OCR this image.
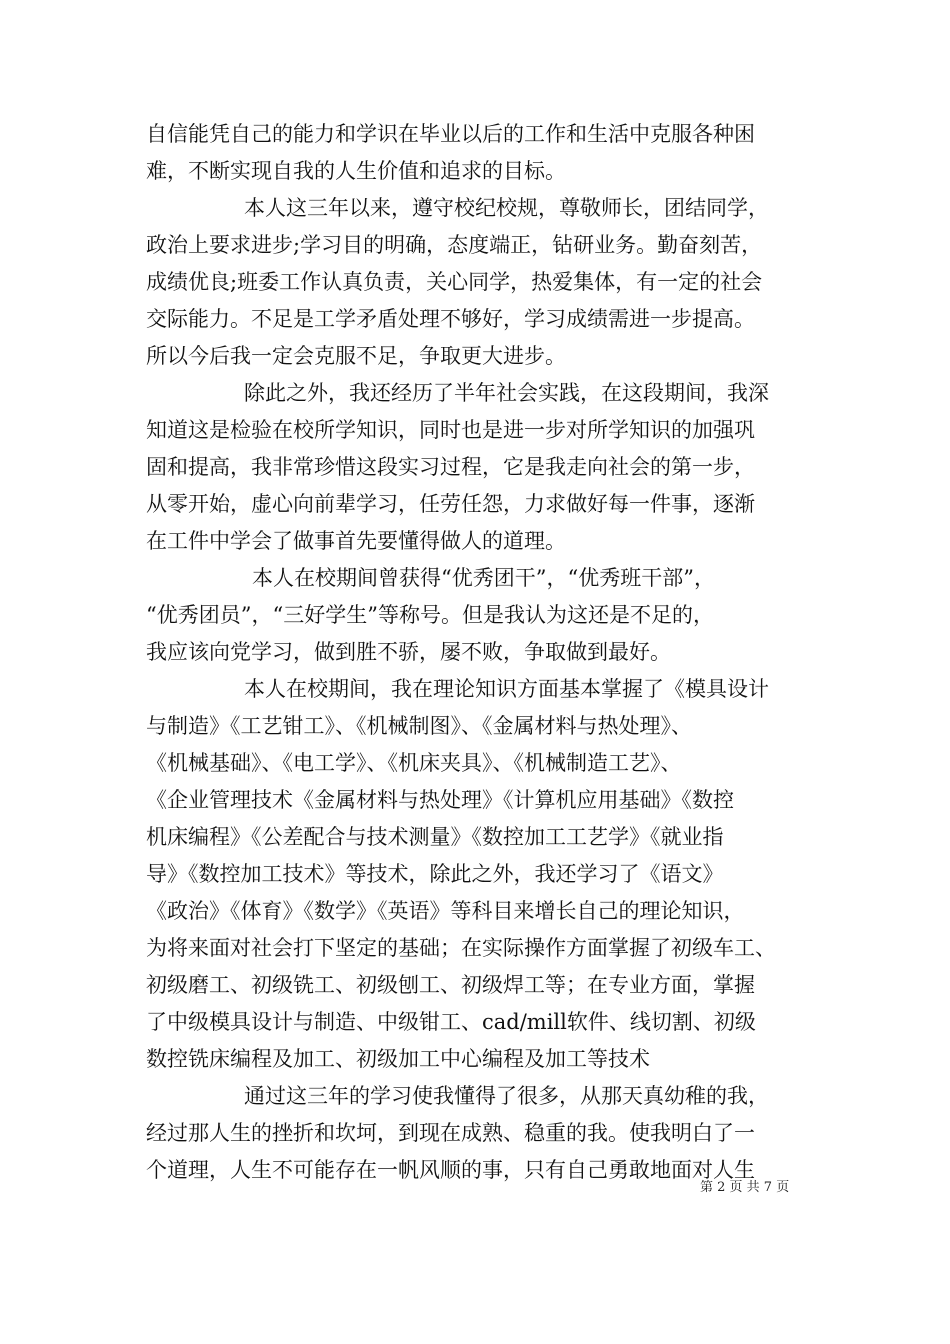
自信能凭自己的能力和学识在毕业以后的工作和生活中克服各种困
难，不断实现自我的人生价值和追求的目标。
本人这三年以来，遵守校纪校规，尊敬师长，团结同学，
政治上要求进步;学习目的明确，态度端正，钻研业务。勤奋刻苦，
成绩优良;班委工作认真负责，关心同学，热爱集体，有一定的社会
交际能力。不足是工学矛盾处理不够好，学习成绩需进一步提高。
所以今后我一定会克服不足，争取更大进步。
除此之外，我还经历了半年社会实践，在这段期间，我深
知道这是检验在校所学知识，同时也是进一步对所学知识的加强巩
固和提高，我非常珍惜这段实习过程，它是我走向社会的第一步，
从零开始，虚心向前辈学习，任劳任怨，力求做好每一件事，逐渐
在工件中学会了做事首先要懂得做人的道理。
本人在校期间曾获得“优秀团干”，“优秀班干部”，
“优秀团员”，“三好学生”等称号。但是我认为这还是不足的，
我应该向党学习，做到胜不骄，屡不败，争取做到最好。
本人在校期间，我在理论知识方面基本掌握了《模具设计
与制造》《工艺钳工》、《机械制图》、《金属材料与热处理》、
《机械基础》、《电工学》、《机床夹具》、《机械制造工艺》、
《企业管理技术《金属材料与热处理》《计算机应用基础》《数控
机床编程》《公差配合与技术测量》《数控加工工艺学》《就业指
导》《数控加工技术》等技术，除此之外，我还学习了《语文》
《政治》《体育》《数学》《英语》等科目来增长自己的理论知识，
为将来面对社会打下坚定的基础；在实际操作方面掌握了初级车工、
初级磨工、初级铣工、初级刨工、初级焊工等；在专业方面，掌握
了中级模具设计与制造、中级钳工、cad/mill软件、线切割、初级
数控铣床编程及加工、初级加工中心编程及加工等技术
通过这三年的学习使我懂得了很多，从那天真幼稚的我，
经过那人生的挫折和坎坷，到现在成熟、稳重的我。使我明白了一
个道理，人生不可能存在一帆风顺的事，只有自己勇敢地面对人生
第 2 页 共 7 页
